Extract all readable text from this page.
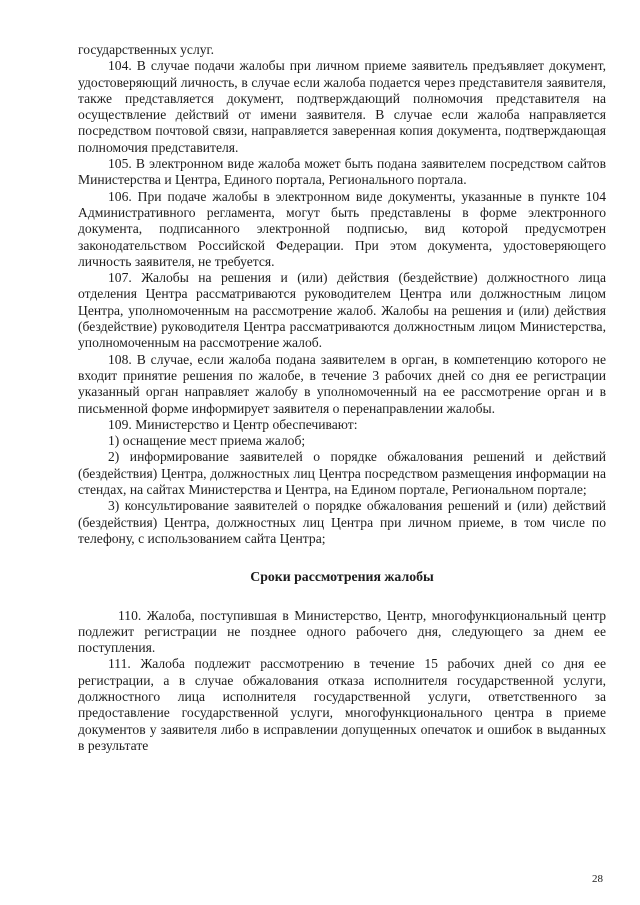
государственных услуг.

104. В случае подачи жалобы при личном приеме заявитель предъявляет документ, удостоверяющий личность, в случае если жалоба подается через представителя заявителя, также представляется документ, подтверждающий полномочия представителя на осуществление действий от имени заявителя. В случае если жалоба направляется посредством почтовой связи, направляется заверенная копия документа, подтверждающая полномочия представителя.

105. В электронном виде жалоба может быть подана заявителем посредством сайтов Министерства и Центра, Единого портала, Регионального портала.

106. При подаче жалобы в электронном виде документы, указанные в пункте 104 Административного регламента, могут быть представлены в форме электронного документа, подписанного электронной подписью, вид которой предусмотрен законодательством Российской Федерации. При этом документа, удостоверяющего личность заявителя, не требуется.

107. Жалобы на решения и (или) действия (бездействие) должностного лица отделения Центра рассматриваются руководителем Центра или должностным лицом Центра, уполномоченным на рассмотрение жалоб. Жалобы на решения и (или) действия (бездействие) руководителя Центра рассматриваются должностным лицом Министерства, уполномоченным на рассмотрение жалоб.

108. В случае, если жалоба подана заявителем в орган, в компетенцию которого не входит принятие решения по жалобе, в течение 3 рабочих дней со дня ее регистрации указанный орган направляет жалобу в уполномоченный на ее рассмотрение орган и в письменной форме информирует заявителя о перенаправлении жалобы.

109. Министерство и Центр обеспечивают:

1) оснащение мест приема жалоб;

2) информирование заявителей о порядке обжалования решений и действий (бездействия) Центра, должностных лиц Центра посредством размещения информации на стендах, на сайтах Министерства и Центра, на Едином портале, Региональном портале;

3) консультирование заявителей о порядке обжалования решений и (или) действий (бездействия) Центра, должностных лиц Центра при личном приеме, в том числе по телефону, с использованием сайта Центра;

Сроки рассмотрения жалобы

110. Жалоба, поступившая в Министерство, Центр, многофункциональный центр подлежит регистрации не позднее одного рабочего дня, следующего за днем ее поступления.

111. Жалоба подлежит рассмотрению в течение 15 рабочих дней со дня ее регистрации, а в случае обжалования отказа исполнителя государственной услуги, должностного лица исполнителя государственной услуги, ответственного за предоставление государственной услуги, многофункционального центра в приеме документов у заявителя либо в исправлении допущенных опечаток и ошибок в выданных в результате

28
